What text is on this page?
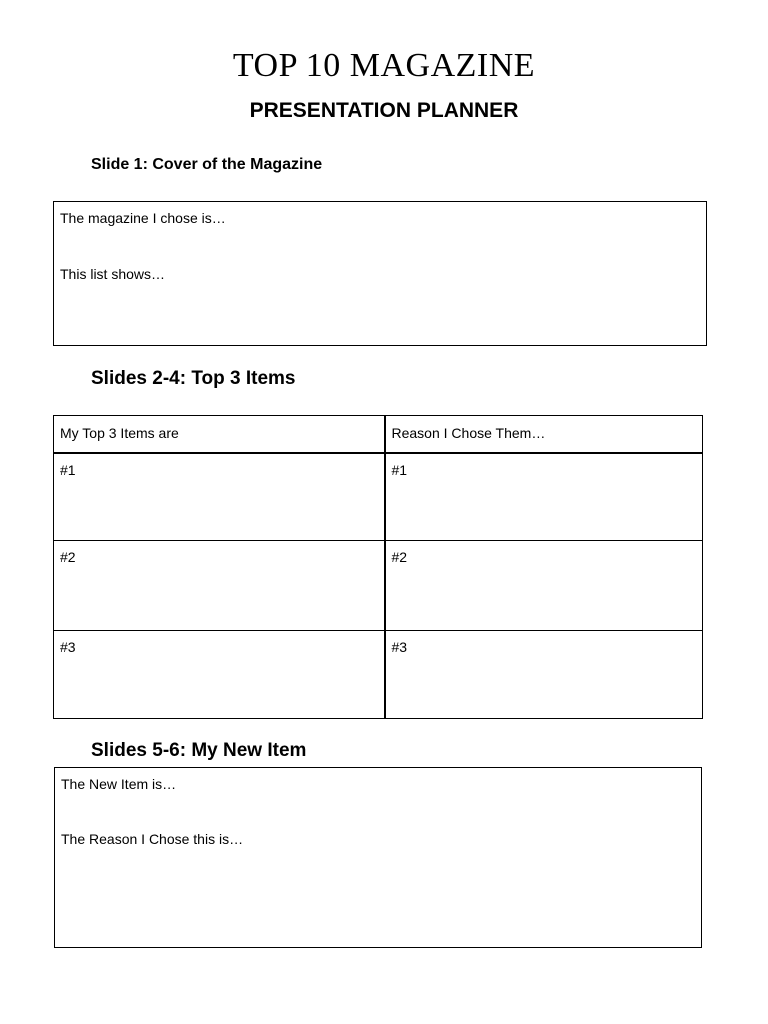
TOP 10 MAGAZINE
PRESENTATION PLANNER
Slide 1: Cover of the Magazine
The magazine I chose is…
This list shows…
Slides 2-4: Top 3 Items
My Top 3 Items are	Reason I Chose Them…
#1	#1
#2	#2
#3	#3
Slides 5-6: My New Item
The New Item is…
The Reason I Chose this is…
